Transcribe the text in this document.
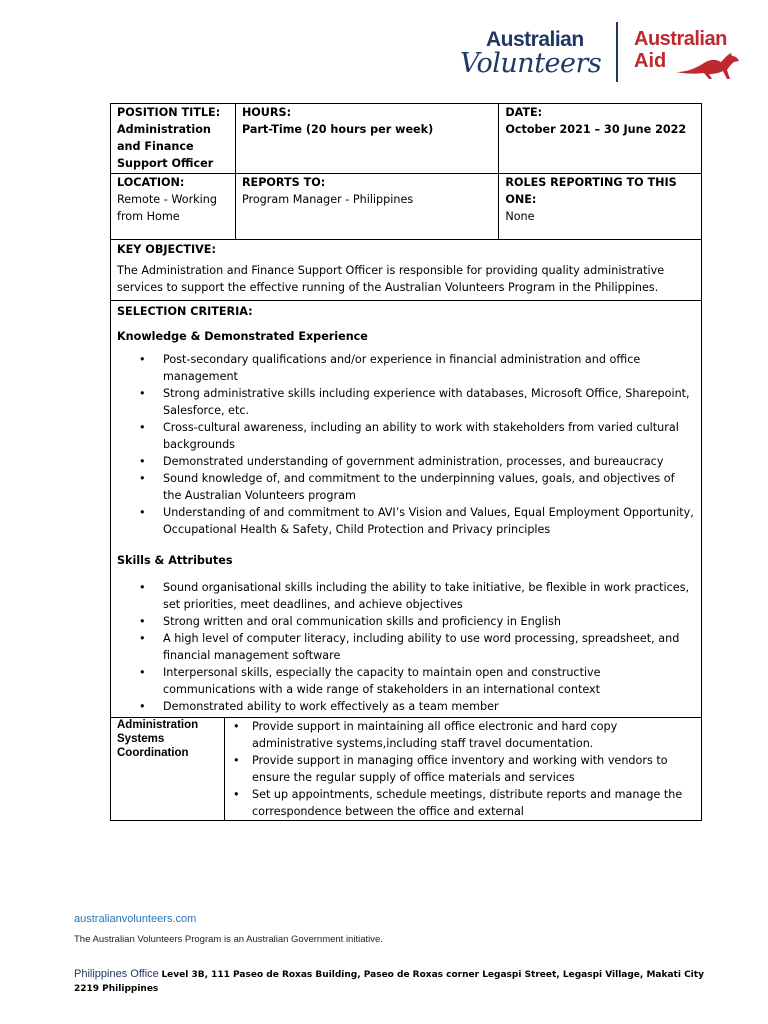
Australian
Volunteers
Australian
Aid
POSITION TITLE:
Administration and Finance Support Officer

HOURS:
Part-Time (20 hours per week)

DATE:
October 2021 – 30 June 2022

LOCATION:
Remote - Working from Home

REPORTS TO:
Program Manager - Philippines

ROLES REPORTING TO THIS ONE:
None

KEY OBJECTIVE:
The Administration and Finance Support Officer is responsible for providing quality administrative services to support the effective running of the Australian Volunteers Program in the Philippines.

SELECTION CRITERIA:
Knowledge & Demonstrated Experience
• Post-secondary qualifications and/or experience in financial administration and office management
• Strong administrative skills including experience with databases, Microsoft Office, Sharepoint, Salesforce, etc.
• Cross-cultural awareness, including an ability to work with stakeholders from varied cultural backgrounds
• Demonstrated understanding of government administration, processes, and bureaucracy
• Sound knowledge of, and commitment to the underpinning values, goals, and objectives of the Australian Volunteers program
• Understanding of and commitment to AVI’s Vision and Values, Equal Employment Opportunity, Occupational Health & Safety, Child Protection and Privacy principles
Skills & Attributes
• Sound organisational skills including the ability to take initiative, be flexible in work practices, set priorities, meet deadlines, and achieve objectives
• Strong written and oral communication skills and proficiency in English
• A high level of computer literacy, including ability to use word processing, spreadsheet, and financial management software
• Interpersonal skills, especially the capacity to maintain open and constructive communications with a wide range of stakeholders in an international context
• Demonstrated ability to work effectively as a team member

Administration Systems Coordination

• Provide support in maintaining all office electronic and hard copy administrative systems,including staff travel documentation.
• Provide support in managing office inventory and working with vendors to ensure the regular supply of office materials and services
• Set up appointments, schedule meetings, distribute reports and manage the correspondence between the office and external
australianvolunteers.com
The Australian Volunteers Program is an Australian Government initiative.
Philippines Office Level 3B, 111 Paseo de Roxas Building, Paseo de Roxas corner Legaspi Street, Legaspi Village, Makati City 2219 Philippines
